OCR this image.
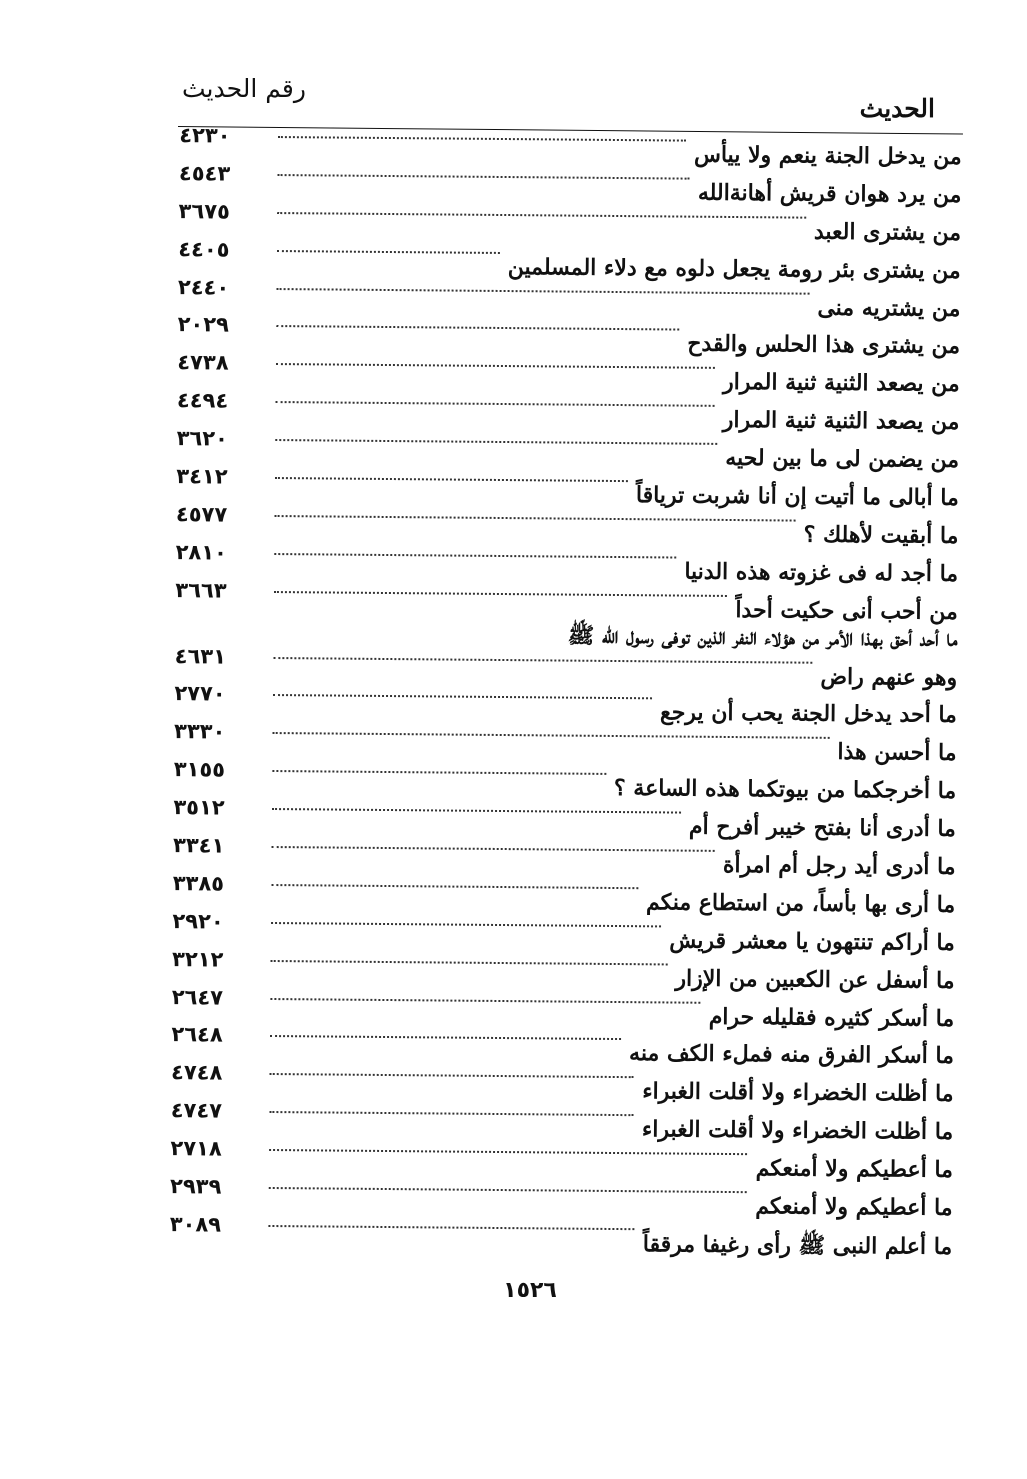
رقم الحديث
الحديث
٤٢٣٠
من يدخل الجنة ينعم ولا ييأس
٤٥٤٣
من يرد هوان قريش أهانةالله
٣٦٧٥
من يشترى العبد
٤٤٠٥
من يشترى بئر رومة يجعل دلوه مع دلاء المسلمين
٢٤٤٠
من يشتريه منى
٢٠٢٩
من يشترى هذا الحلس والقدح
٤٧٣٨
من يصعد الثنية ثنية المرار
٤٤٩٤
من يصعد الثنية ثنية المرار
٣٦٢٠
من يضمن لى ما بين لحيه
٣٤١٢
ما أبالى ما أتيت إن أنا شربت ترياقاً
٤٥٧٧
ما أبقيت لأهلك ؟
٢٨١٠
ما أجد له فى غزوته هذه الدنيا
٣٦٦٣
من أحب أنى حكيت أحداً
ما أحد أحق بهذا الأمر من هؤلاء النفر الذين توفى رسول الله ﷺ
٤٦٣١
وهو عنهم راض
٢٧٧٠
ما أحد يدخل الجنة يحب أن يرجع
٣٣٣٠
ما أحسن هذا
٣١٥٥
ما أخرجكما من بيوتكما هذه الساعة ؟
٣٥١٢
ما أدرى أنا بفتح خيبر أفرح أم
٣٣٤١
ما أدرى أيد رجل أم امرأة
٣٣٨٥
ما أرى بها بأساً، من استطاع منكم
٢٩٢٠
ما أراكم تنتهون يا معشر قريش
٣٢١٢
ما أسفل عن الكعبين من الإزار
٢٦٤٧
ما أسكر كثيره فقليله حرام
٢٦٤٨
ما أسكر الفرق منه فملء الكف منه
٤٧٤٨
ما أظلت الخضراء ولا أقلت الغبراء
٤٧٤٧
ما أظلت الخضراء ولا أقلت الغبراء
٢٧١٨
ما أعطيكم ولا أمنعكم
٢٩٣٩
ما أعطيكم ولا أمنعكم
٣٠٨٩
ما أعلم النبى ﷺ رأى رغيفا مرققاً
١٥٢٦
